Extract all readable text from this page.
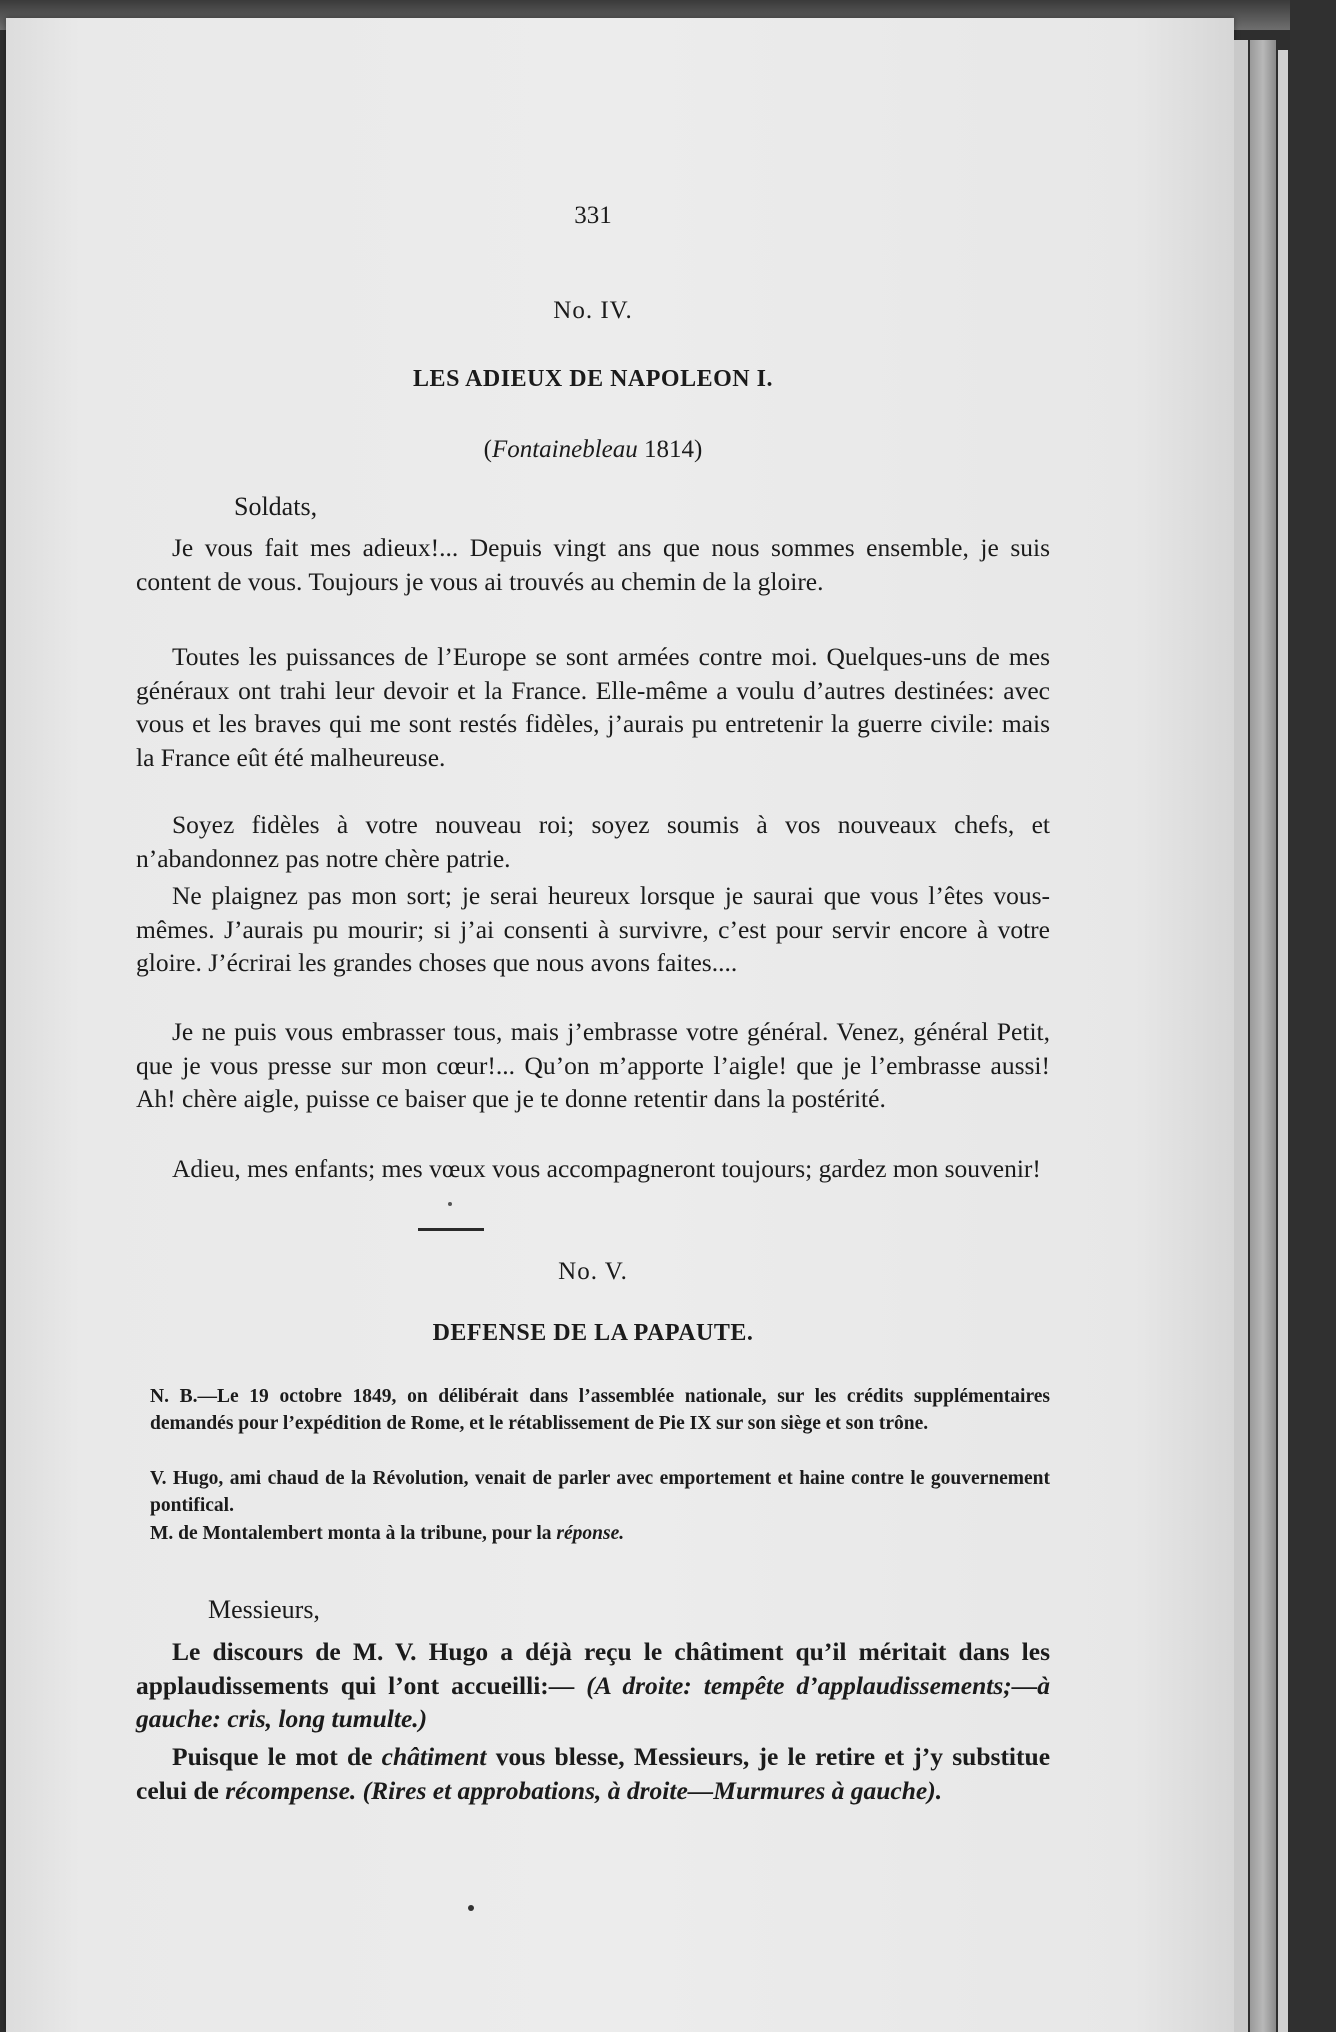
331
No. IV.
LES ADIEUX DE NAPOLEON I.
(Fontainebleau 1814)
Soldats,

Je vous fait mes adieux!... Depuis vingt ans que nous sommes ensemble, je suis content de vous. Toujours je vous ai trouvés au chemin de la gloire.

Toutes les puissances de l’Europe se sont armées contre moi. Quelques-uns de mes généraux ont trahi leur devoir et la France. Elle-même a voulu d’autres destinées: avec vous et les braves qui me sont restés fidèles, j’aurais pu entretenir la guerre civile: mais la France eût été malheureuse.

Soyez fidèles à votre nouveau roi; soyez soumis à vos nouveaux chefs, et n’abandonnez pas notre chère patrie.

Ne plaignez pas mon sort; je serai heureux lorsque je saurai que vous l’êtes vous-mêmes. J’aurais pu mourir; si j’ai consenti à survivre, c’est pour servir encore à votre gloire. J’écrirai les grandes choses que nous avons faites....

Je ne puis vous embrasser tous, mais j’embrasse votre général. Venez, général Petit, que je vous presse sur mon cœur!... Qu’on m’apporte l’aigle! que je l’embrasse aussi! Ah! chère aigle, puisse ce baiser que je te donne retentir dans la postérité.

Adieu, mes enfants; mes vœux vous accompagneront toujours; gardez mon souvenir!

No. V.
DEFENSE DE LA PAPAUTE.

N. B.—Le 19 octobre 1849, on délibérait dans l’assemblée nationale, sur les crédits supplémentaires demandés pour l’expédition de Rome, et le rétablissement de Pie IX sur son siège et son trône.

V. Hugo, ami chaud de la Révolution, venait de parler avec emportement et haine contre le gouvernement pontifical.

M. de Montalembert monta à la tribune, pour la réponse.

Messieurs,

Le discours de M. V. Hugo a déjà reçu le châtiment qu’il méritait dans les applaudissements qui l’ont accueilli:— (A droite: tempête d’applaudissements;—à gauche: cris, long tumulte.)

Puisque le mot de châtiment vous blesse, Messieurs, je le retire et j’y substitue celui de récompense. (Rires et approbations, à droite—Murmures à gauche).
